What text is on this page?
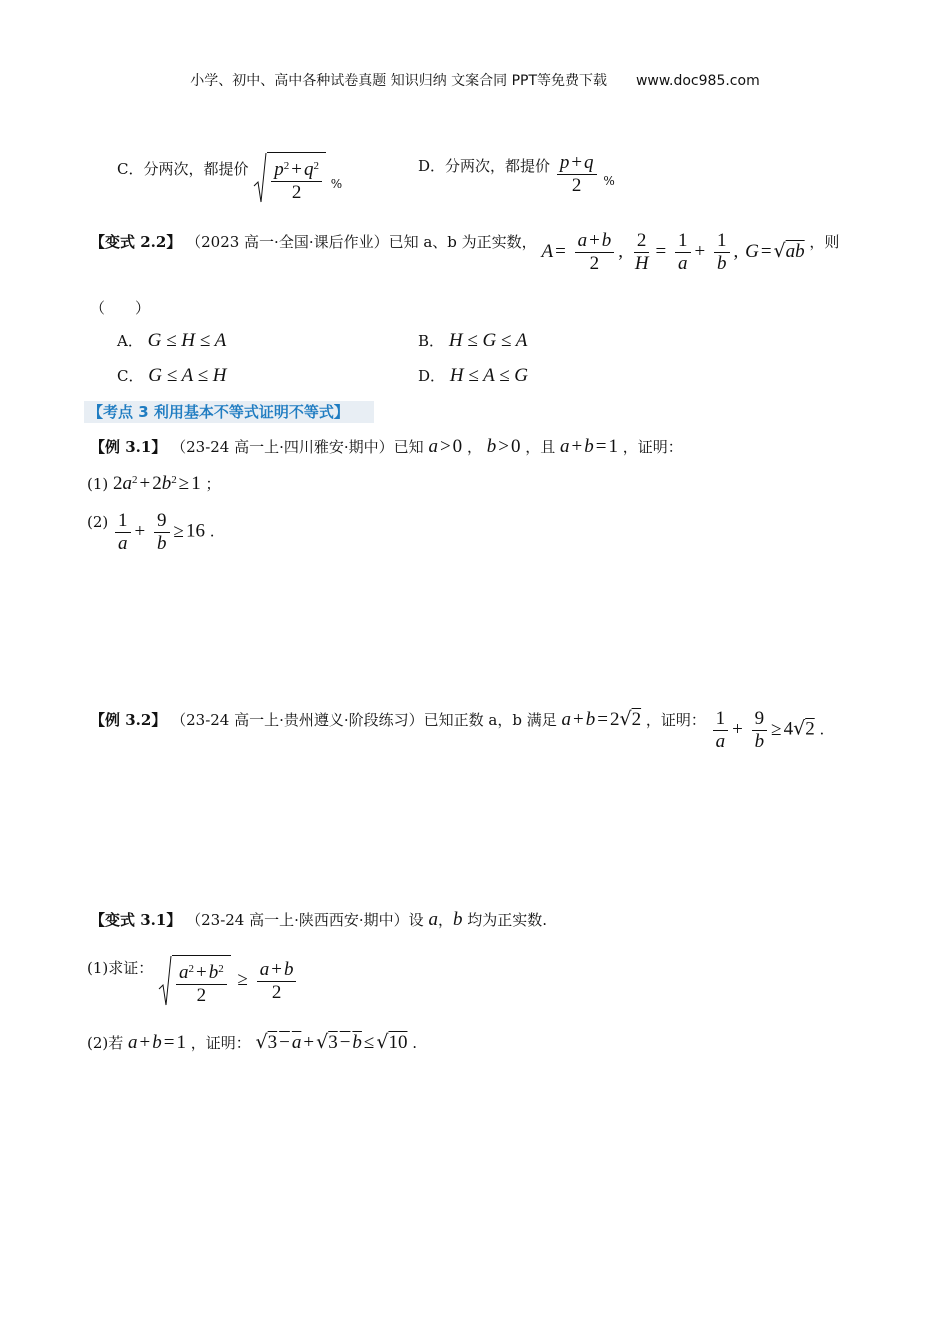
小学、初中、高中各种试卷真题 知识归纳 文案合同 PPT等免费下载 www.doc985.com
C．分两次，都提价 $\frac{p^2 + q^2}{2} _{\%}$
D．分两次，都提价 $\frac{p + q}{2} _{\%}$
【变式 2.2】 （2023 高一·全国·课后作业）已知 a、b 为正实数， $A = \frac{a + b}{2}$ , $\frac{2}{H} = \frac{1}{a} + \frac{1}{b}$ , G = √ab ，则
（　　）
A． G ≤ H ≤ A	B． H ≤ G ≤ A
C． G ≤ A ≤ H	D． H ≤ A ≤ G
【考点 3 利用基本不等式证明不等式】
【例 3.1】 （23-24 高一上·四川雅安·期中）已知 a > 0 ， b > 0 ，且 a + b = 1 ，证明：
(1) $2a^2 + 2b^2 \ge 1$ ；
$(2) \frac{1}{a} + \frac{9}{b} \ge 16$ .
【例 3.2】 （23-24 高一上·贵州遵义·阶段练习）已知正数 a，b 满足 a + b = 2√2 ，证明： $\frac{1}{a} + \frac{9}{b} \ge 4√2$ .
【变式 3.1】 （23-24 高一上·陕西西安·期中）设 a，b 均为正实数.
(1)求证： $\frac{a^2 + b^2}{2} \ge \frac{a + b}{2}$
(2)若 a + b = 1 ，证明： √3 − a + √3 − b ≤ √10 .
